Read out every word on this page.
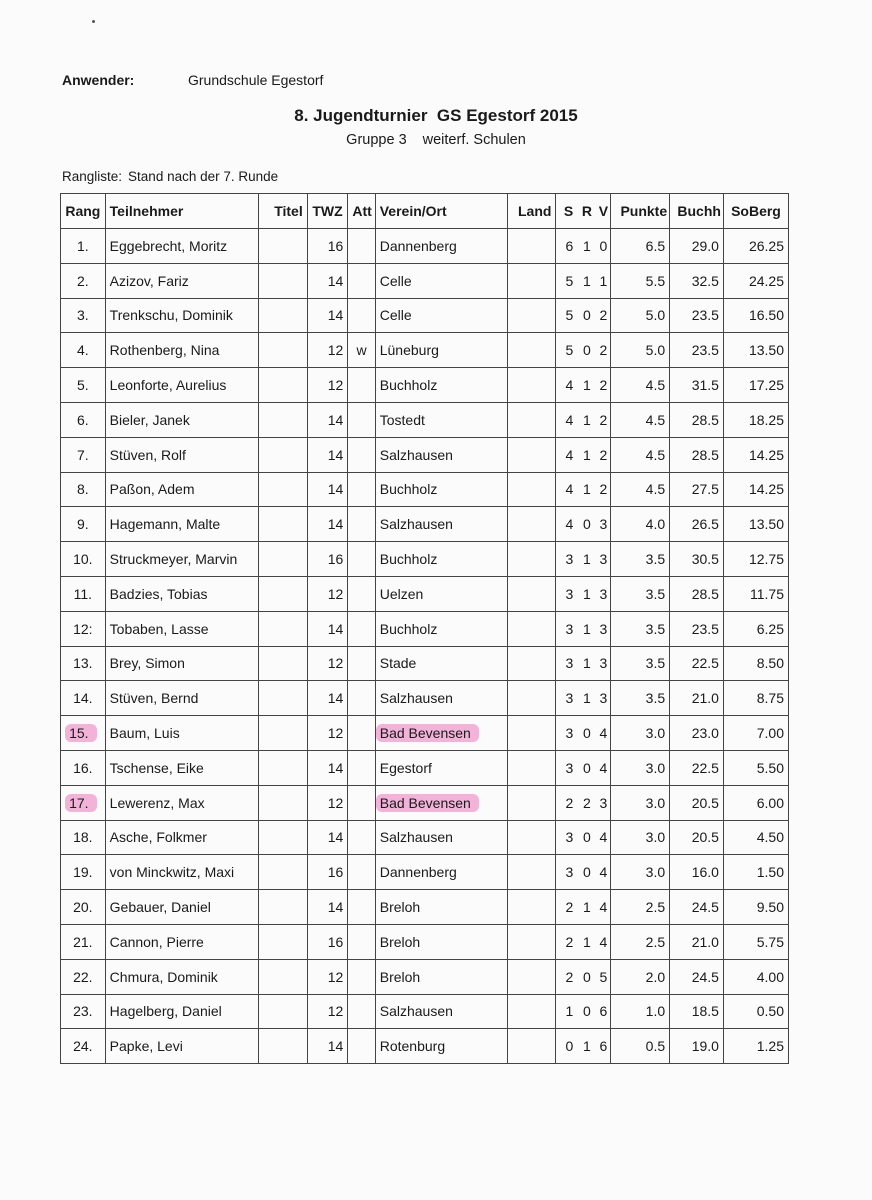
Anwender:	Grundschule Egestorf
8. Jugendturnier  GS Egestorf 2015
Gruppe 3 weiterf. Schulen
Rangliste: Stand nach der 7. Runde
Rang	Teilnehmer	Titel	TWZ	Att	Verein/Ort	Land	S	R	V	Punkte	Buchh	SoBerg
1.	Eggebrecht, Moritz		16		Dannenberg		6	1	0	6.5	29.0	26.25
2.	Azizov, Fariz		14		Celle		5	1	1	5.5	32.5	24.25
3.	Trenkschu, Dominik		14		Celle		5	0	2	5.0	23.5	16.50
4.	Rothenberg, Nina		12	w	Lüneburg		5	0	2	5.0	23.5	13.50
5.	Leonforte, Aurelius		12		Buchholz		4	1	2	4.5	31.5	17.25
6.	Bieler, Janek		14		Tostedt		4	1	2	4.5	28.5	18.25
7.	Stüven, Rolf		14		Salzhausen		4	1	2	4.5	28.5	14.25
8.	Paßon, Adem		14		Buchholz		4	1	2	4.5	27.5	14.25
9.	Hagemann, Malte		14		Salzhausen		4	0	3	4.0	26.5	13.50
10.	Struckmeyer, Marvin		16		Buchholz		3	1	3	3.5	30.5	12.75
11.	Badzies, Tobias		12		Uelzen		3	1	3	3.5	28.5	11.75
12:	Tobaben, Lasse		14		Buchholz		3	1	3	3.5	23.5	6.25
13.	Brey, Simon		12		Stade		3	1	3	3.5	22.5	8.50
14.	Stüven, Bernd		14		Salzhausen		3	1	3	3.5	21.0	8.75
15.	Baum, Luis		12		Bad Bevensen		3	0	4	3.0	23.0	7.00
16.	Tschense, Eike		14		Egestorf		3	0	4	3.0	22.5	5.50
17.	Lewerenz, Max		12		Bad Bevensen		2	2	3	3.0	20.5	6.00
18.	Asche, Folkmer		14		Salzhausen		3	0	4	3.0	20.5	4.50
19.	von Minckwitz, Maxi		16		Dannenberg		3	0	4	3.0	16.0	1.50
20.	Gebauer, Daniel		14		Breloh		2	1	4	2.5	24.5	9.50
21.	Cannon, Pierre		16		Breloh		2	1	4	2.5	21.0	5.75
22.	Chmura, Dominik		12		Breloh		2	0	5	2.0	24.5	4.00
23.	Hagelberg, Daniel		12		Salzhausen		1	0	6	1.0	18.5	0.50
24.	Papke, Levi		14		Rotenburg		0	1	6	0.5	19.0	1.25
